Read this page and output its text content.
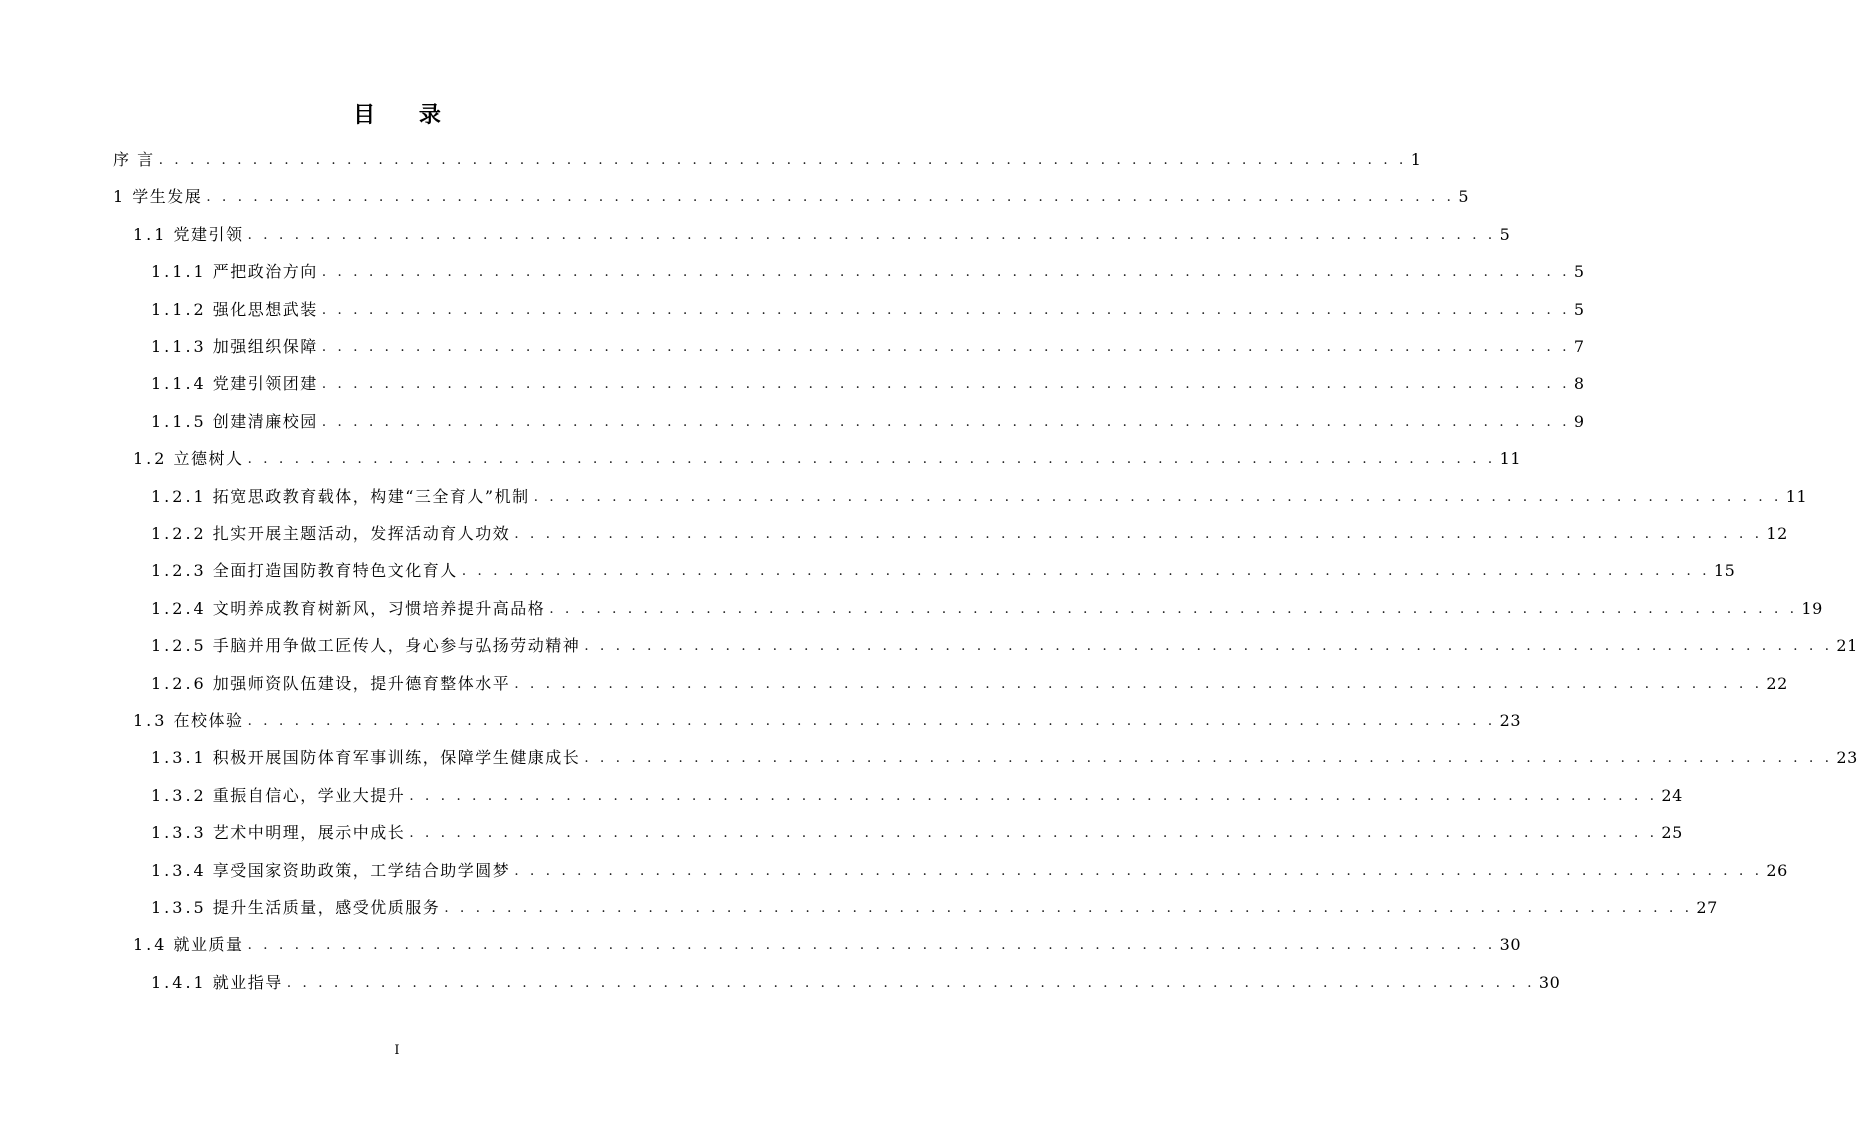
目 录
序 言 . . . . . . . . . . . . . . . . . . . . . . . . . . . . . . . . . . . . . . . . . . . . . . . . . . . . . . . . . . . . . . . . . . . . . . . . . . . . . . . . 1
1 学生发展 . . . . . . . . . . . . . . . . . . . . . . . . . . . . . . . . . . . . . . . . . . . . . . . . . . . . . . . . . . . . . . . . . . . . . . . . . . . . . . . . 5
1.1 党建引领 . . . . . . . . . . . . . . . . . . . . . . . . . . . . . . . . . . . . . . . . . . . . . . . . . . . . . . . . . . . . . . . . . . . . . . . . . . . . . . . . 5
1.1.1 严把政治方向 . . . . . . . . . . . . . . . . . . . . . . . . . . . . . . . . . . . . . . . . . . . . . . . . . . . . . . . . . . . . . . . . . . . . . . . . . . . . . . . . 5
1.1.2 强化思想武装 . . . . . . . . . . . . . . . . . . . . . . . . . . . . . . . . . . . . . . . . . . . . . . . . . . . . . . . . . . . . . . . . . . . . . . . . . . . . . . . . 5
1.1.3 加强组织保障 . . . . . . . . . . . . . . . . . . . . . . . . . . . . . . . . . . . . . . . . . . . . . . . . . . . . . . . . . . . . . . . . . . . . . . . . . . . . . . . . 7
1.1.4 党建引领团建 . . . . . . . . . . . . . . . . . . . . . . . . . . . . . . . . . . . . . . . . . . . . . . . . . . . . . . . . . . . . . . . . . . . . . . . . . . . . . . . . 8
1.1.5 创建清廉校园 . . . . . . . . . . . . . . . . . . . . . . . . . . . . . . . . . . . . . . . . . . . . . . . . . . . . . . . . . . . . . . . . . . . . . . . . . . . . . . . . 9
1.2 立德树人 . . . . . . . . . . . . . . . . . . . . . . . . . . . . . . . . . . . . . . . . . . . . . . . . . . . . . . . . . . . . . . . . . . . . . . . . . . . . . . . . 11
1.2.1 拓宽思政教育载体，构建“三全育人”机制 . . . . . . . . . . . . . . . . . . . . . . . . . . . . . . . . . . . . . . . . . . . . . . . . . . . . . . . . . . . . . . . . . . . . . . . . . . . . . . . . 11
1.2.2 扎实开展主题活动，发挥活动育人功效 . . . . . . . . . . . . . . . . . . . . . . . . . . . . . . . . . . . . . . . . . . . . . . . . . . . . . . . . . . . . . . . . . . . . . . . . . . . . . . . . 12
1.2.3 全面打造国防教育特色文化育人 . . . . . . . . . . . . . . . . . . . . . . . . . . . . . . . . . . . . . . . . . . . . . . . . . . . . . . . . . . . . . . . . . . . . . . . . . . . . . . . . 15
1.2.4 文明养成教育树新风，习惯培养提升高品格 . . . . . . . . . . . . . . . . . . . . . . . . . . . . . . . . . . . . . . . . . . . . . . . . . . . . . . . . . . . . . . . . . . . . . . . . . . . . . . . . 19
1.2.5 手脑并用争做工匠传人，身心参与弘扬劳动精神 . . . . . . . . . . . . . . . . . . . . . . . . . . . . . . . . . . . . . . . . . . . . . . . . . . . . . . . . . . . . . . . . . . . . . . . . . . . . . . . . 21
1.2.6 加强师资队伍建设，提升德育整体水平 . . . . . . . . . . . . . . . . . . . . . . . . . . . . . . . . . . . . . . . . . . . . . . . . . . . . . . . . . . . . . . . . . . . . . . . . . . . . . . . . 22
1.3 在校体验 . . . . . . . . . . . . . . . . . . . . . . . . . . . . . . . . . . . . . . . . . . . . . . . . . . . . . . . . . . . . . . . . . . . . . . . . . . . . . . . . 23
1.3.1 积极开展国防体育军事训练，保障学生健康成长 . . . . . . . . . . . . . . . . . . . . . . . . . . . . . . . . . . . . . . . . . . . . . . . . . . . . . . . . . . . . . . . . . . . . . . . . . . . . . . . . 23
1.3.2 重振自信心，学业大提升 . . . . . . . . . . . . . . . . . . . . . . . . . . . . . . . . . . . . . . . . . . . . . . . . . . . . . . . . . . . . . . . . . . . . . . . . . . . . . . . . 24
1.3.3 艺术中明理，展示中成长 . . . . . . . . . . . . . . . . . . . . . . . . . . . . . . . . . . . . . . . . . . . . . . . . . . . . . . . . . . . . . . . . . . . . . . . . . . . . . . . . 25
1.3.4 享受国家资助政策，工学结合助学圆梦 . . . . . . . . . . . . . . . . . . . . . . . . . . . . . . . . . . . . . . . . . . . . . . . . . . . . . . . . . . . . . . . . . . . . . . . . . . . . . . . . 26
1.3.5 提升生活质量，感受优质服务 . . . . . . . . . . . . . . . . . . . . . . . . . . . . . . . . . . . . . . . . . . . . . . . . . . . . . . . . . . . . . . . . . . . . . . . . . . . . . . . . 27
1.4 就业质量 . . . . . . . . . . . . . . . . . . . . . . . . . . . . . . . . . . . . . . . . . . . . . . . . . . . . . . . . . . . . . . . . . . . . . . . . . . . . . . . . 30
1.4.1 就业指导 . . . . . . . . . . . . . . . . . . . . . . . . . . . . . . . . . . . . . . . . . . . . . . . . . . . . . . . . . . . . . . . . . . . . . . . . . . . . . . . . 30
I
